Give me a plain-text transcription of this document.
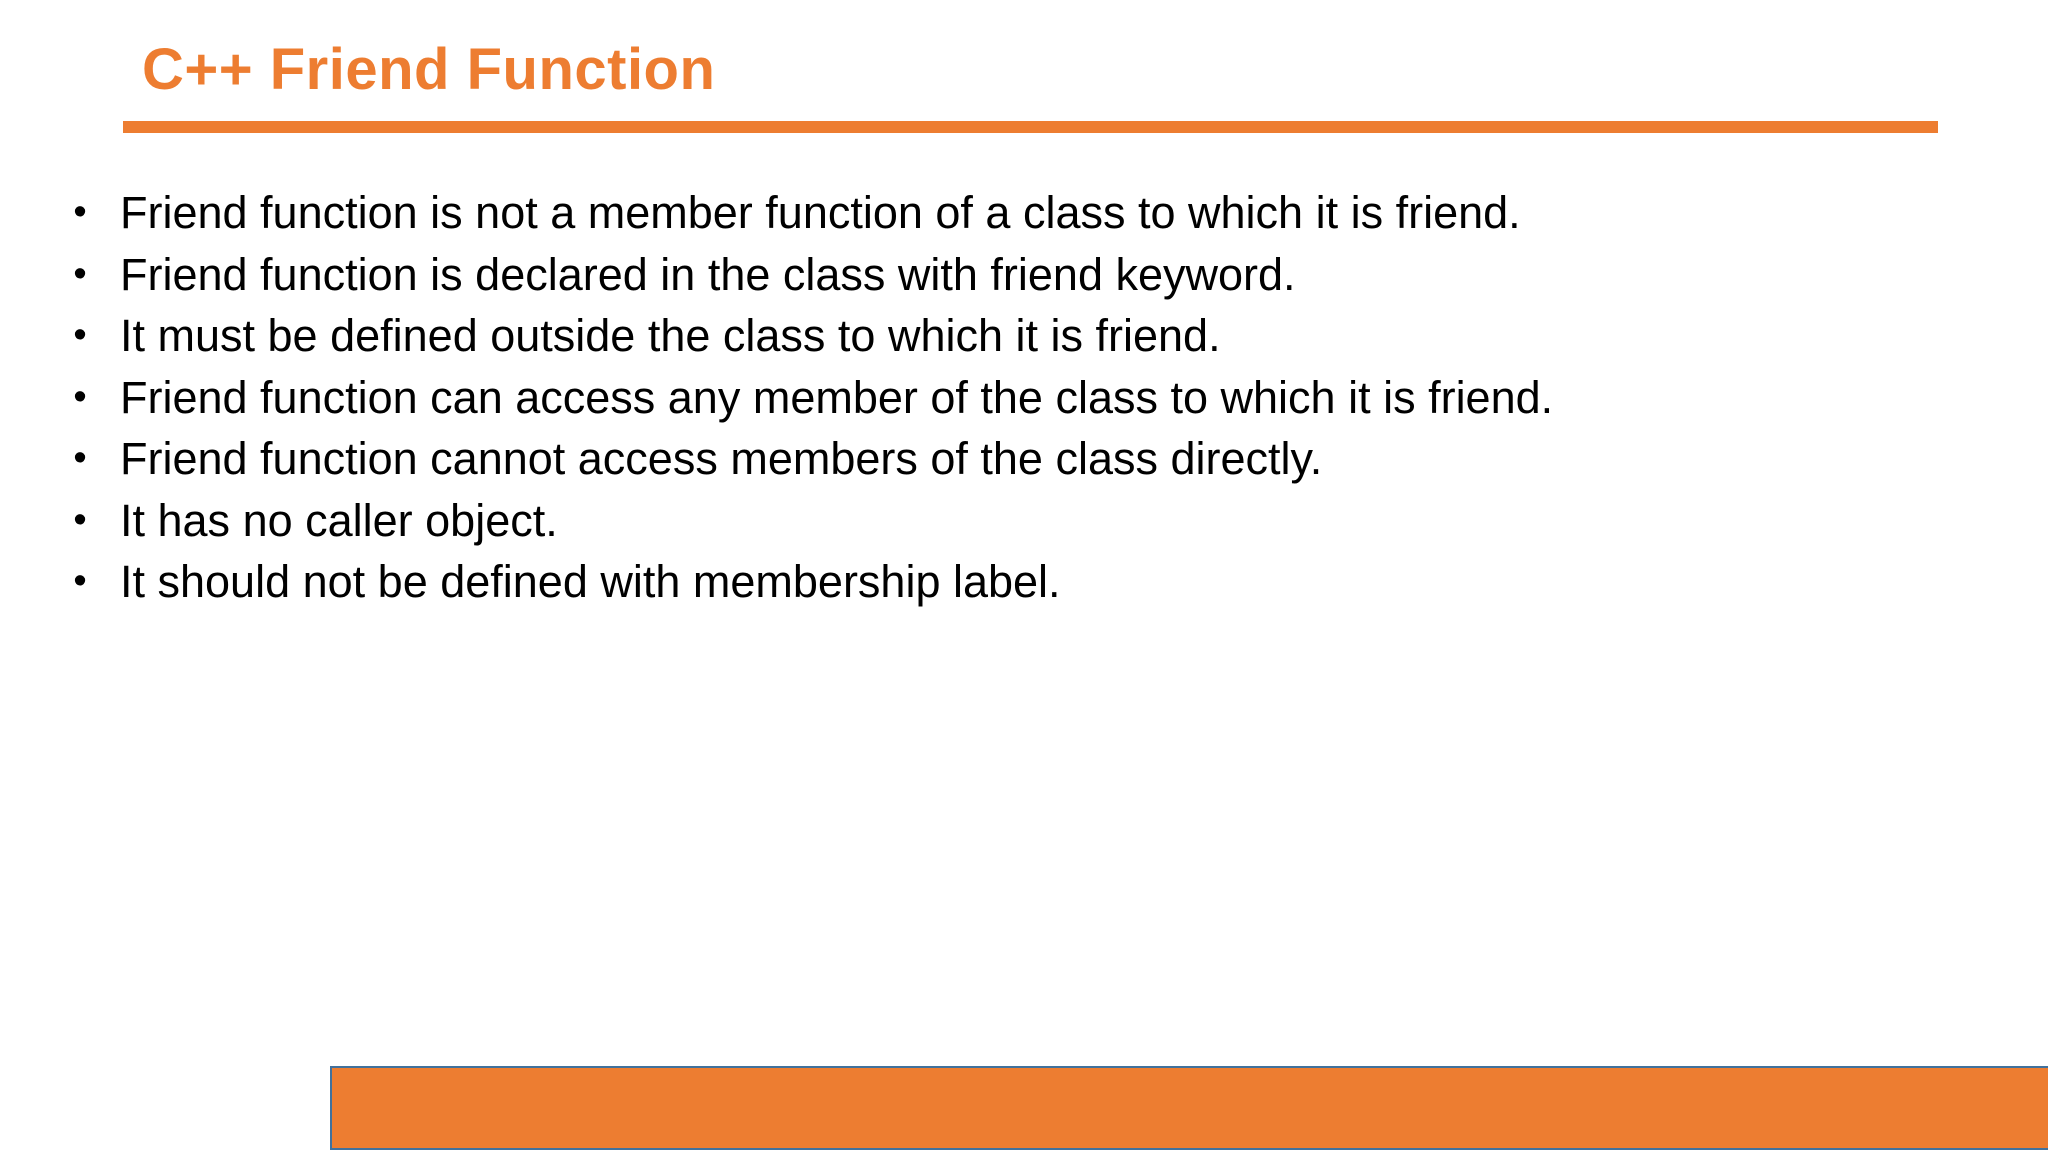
C++ Friend Function
• Friend function is not a member function of a class to which it is friend.
• Friend function is declared in the class with friend keyword.
• It must be defined outside the class to which it is friend.
• Friend function can access any member of the class to which it is friend.
• Friend function cannot access members of the class directly.
• It has no caller object.
• It should not be defined with membership label.
